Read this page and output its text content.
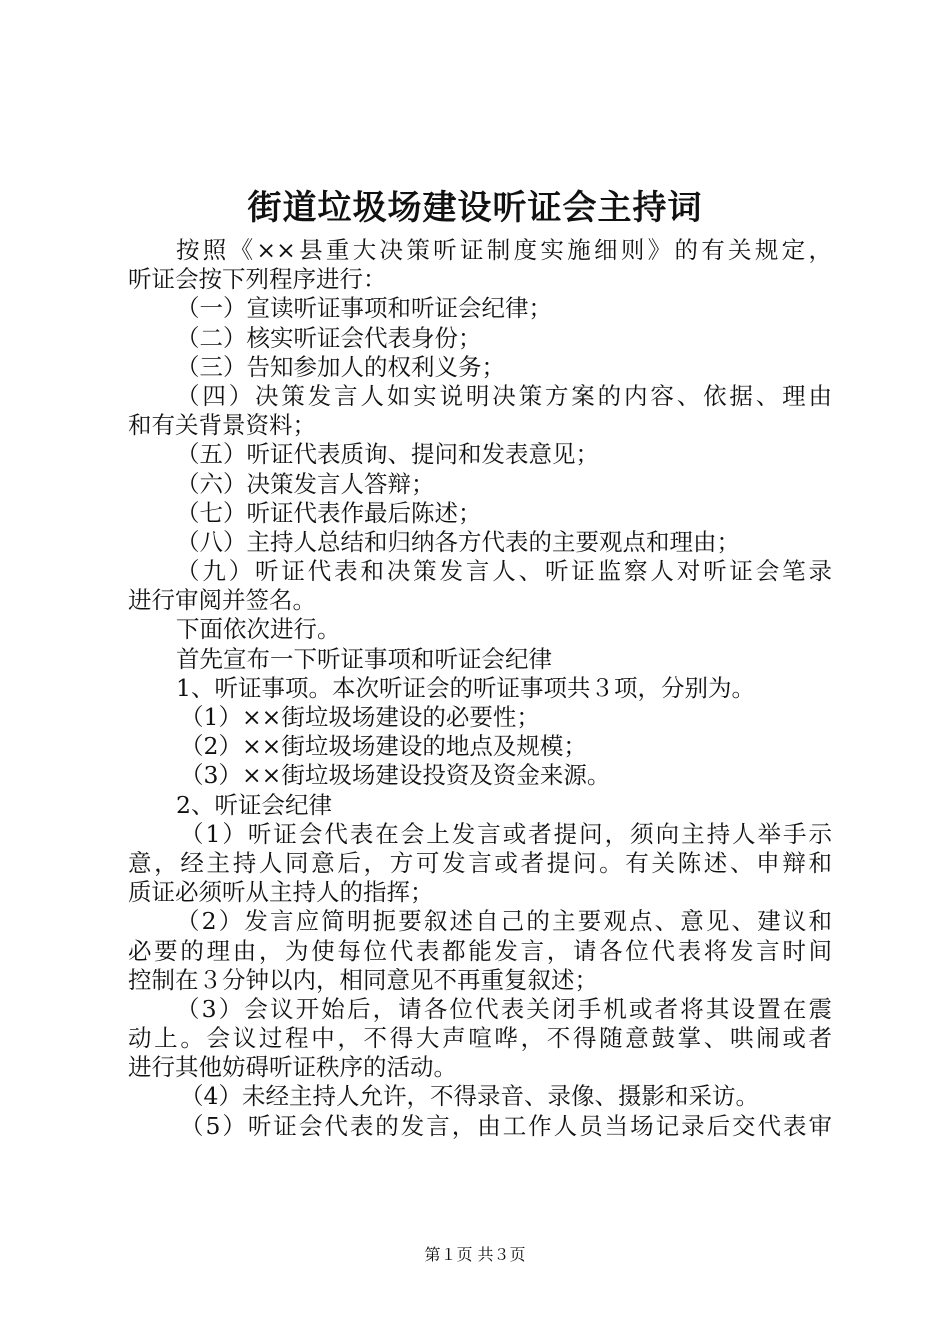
街道垃圾场建设听证会主持词
按照《××县重大决策听证制度实施细则》的有关规定，
听证会按下列程序进行：
（一）宣读听证事项和听证会纪律；
（二）核实听证会代表身份；
（三）告知参加人的权利义务；
（四）决策发言人如实说明决策方案的内容、依据、理由
和有关背景资料；
（五）听证代表质询、提问和发表意见；
（六）决策发言人答辩；
（七）听证代表作最后陈述；
（八）主持人总结和归纳各方代表的主要观点和理由；
（九）听证代表和决策发言人、听证监察人对听证会笔录
进行审阅并签名。
下面依次进行。
首先宣布一下听证事项和听证会纪律
1、听证事项。本次听证会的听证事项共３项，分别为。
（1）××街垃圾场建设的必要性；
（2）××街垃圾场建设的地点及规模；
（3）××街垃圾场建设投资及资金来源。
2、听证会纪律
（1）听证会代表在会上发言或者提问，须向主持人举手示
意，经主持人同意后，方可发言或者提问。有关陈述、申辩和
质证必须听从主持人的指挥；
（2）发言应简明扼要叙述自己的主要观点、意见、建议和
必要的理由，为使每位代表都能发言，请各位代表将发言时间
控制在３分钟以内，相同意见不再重复叙述；
（3）会议开始后，请各位代表关闭手机或者将其设置在震
动上。会议过程中，不得大声喧哗，不得随意鼓掌、哄闹或者
进行其他妨碍听证秩序的活动。
（4）未经主持人允许，不得录音、录像、摄影和采访。
（5）听证会代表的发言，由工作人员当场记录后交代表审
第１页 共３页
